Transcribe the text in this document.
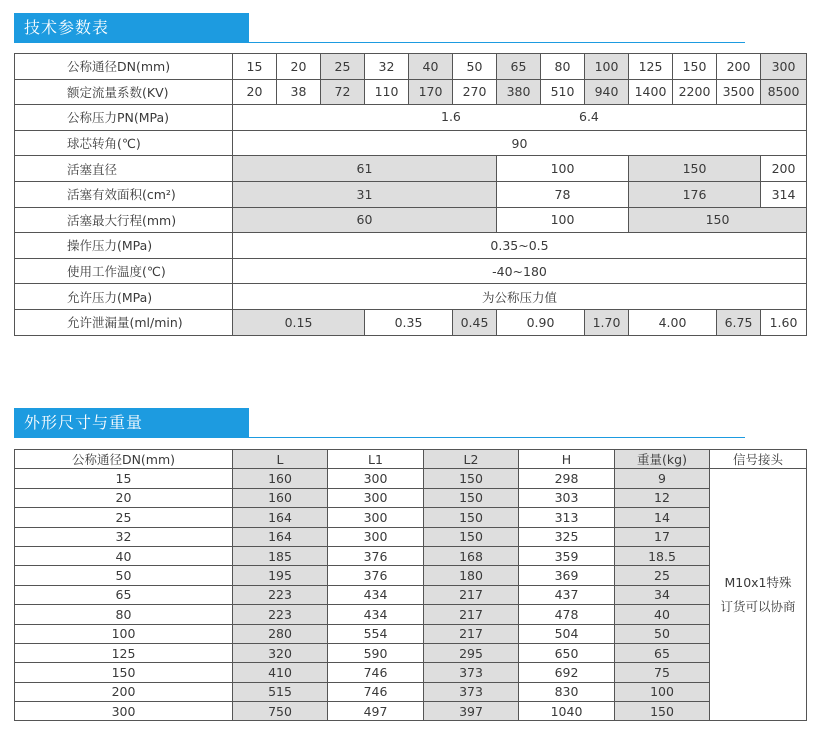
技术参数表
公称通径DN(mm)	15	20	25	32	40	50	65	80	100	125	150	200	300
额定流量系数(KV)	20	38	72	110	170	270	380	510	940	1400	2200	3500	8500
公称压力PN(MPa)	1.6 6.4												

球芯转角(℃)	90												
活塞直径	61						100			150			200
活塞有效面积(cm²)	31						78			176			314
活塞最大行程(mm)	60						100			150			
操作压力(MPa)	0.35~0.5												
使用工作温度(℃)	-40~180												
允许压力(MPa)	为公称压力值												
允许泄漏量(ml/min)	0.15			0.35		0.45	0.90		1.70	4.00		6.75	1.60
外形尺寸与重量
公称通径DN(mm)	L	L1	L2	H	重量(kg)	信号接头
15	160	300	150	298	9	M10x1特殊
订货可以协商

20	160	300	150	303	12	
25	164	300	150	313	14	
32	164	300	150	325	17	
40	185	376	168	359	18.5	
50	195	376	180	369	25	
65	223	434	217	437	34	
80	223	434	217	478	40	
100	280	554	217	504	50	
125	320	590	295	650	65	
150	410	746	373	692	75	
200	515	746	373	830	100	
300	750	497	397	1040	150	
